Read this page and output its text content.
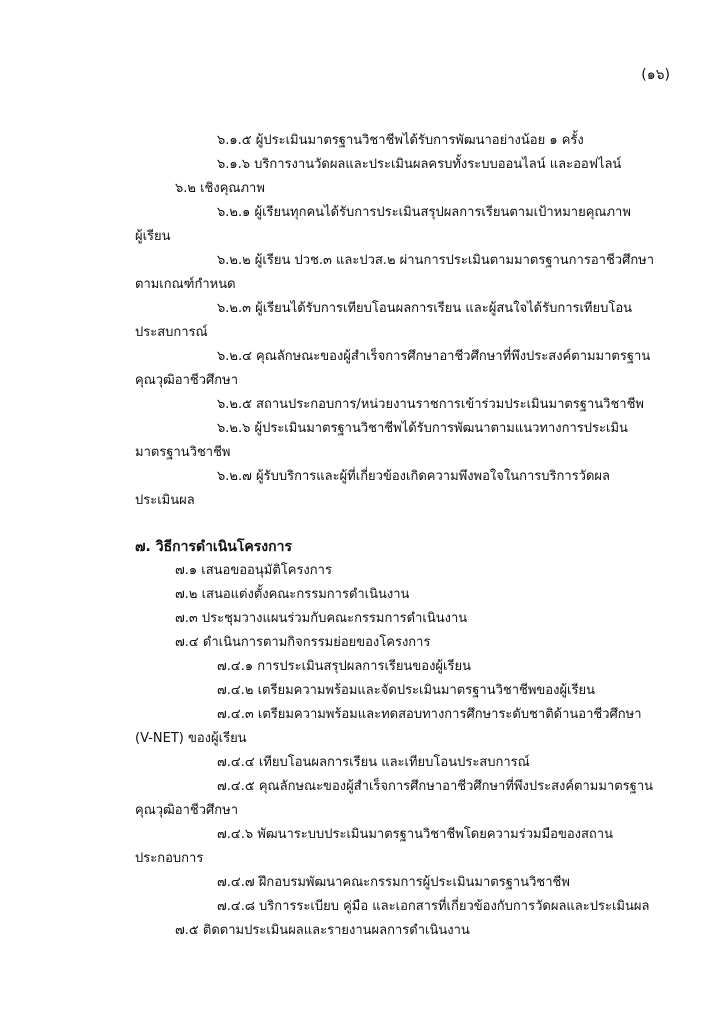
(๑๖)
๖.๑.๕ ผู้ประเมินมาตรฐานวิชาชีพได้รับการพัฒนาอย่างน้อย ๑ ครั้ง
๖.๑.๖ บริการงานวัดผลและประเมินผลครบทั้งระบบออนไลน์ และออฟไลน์
๖.๒ เชิงคุณภาพ
๖.๒.๑ ผู้เรียนทุกคนได้รับการประเมินสรุปผลการเรียนตามเป้าหมายคุณภาพ
ผู้เรียน
๖.๒.๒ ผู้เรียน ปวช.๓ และปวส.๒ ผ่านการประเมินตามมาตรฐานการอาชีวศึกษา
ตามเกณฑ์กำหนด
๖.๒.๓ ผู้เรียนได้รับการเทียบโอนผลการเรียน และผู้สนใจได้รับการเทียบโอน
ประสบการณ์
๖.๒.๔ คุณลักษณะของผู้สำเร็จการศึกษาอาชีวศึกษาที่พึงประสงค์ตามมาตรฐาน
คุณวุฒิอาชีวศึกษา
๖.๒.๕ สถานประกอบการ/หน่วยงานราชการเข้าร่วมประเมินมาตรฐานวิชาชีพ
๖.๒.๖ ผู้ประเมินมาตรฐานวิชาชีพได้รับการพัฒนาตามแนวทางการประเมิน
มาตรฐานวิชาชีพ
๖.๒.๗ ผู้รับบริการและผู้ที่เกี่ยวข้องเกิดความพึงพอใจในการบริการวัดผล
ประเมินผล
๗. วิธีการดำเนินโครงการ
๗.๑ เสนอขออนุมัติโครงการ
๗.๒ เสนอแต่งตั้งคณะกรรมการดำเนินงาน
๗.๓ ประชุมวางแผนร่วมกับคณะกรรมการดำเนินงาน
๗.๔ ดำเนินการตามกิจกรรมย่อยของโครงการ
๗.๔.๑ การประเมินสรุปผลการเรียนของผู้เรียน
๗.๔.๒ เตรียมความพร้อมและจัดประเมินมาตรฐานวิชาชีพของผู้เรียน
๗.๔.๓ เตรียมความพร้อมและทดสอบทางการศึกษาระดับชาติด้านอาชีวศึกษา
(V-NET) ของผู้เรียน
๗.๔.๔ เทียบโอนผลการเรียน และเทียบโอนประสบการณ์
๗.๔.๕ คุณลักษณะของผู้สำเร็จการศึกษาอาชีวศึกษาที่พึงประสงค์ตามมาตรฐาน
คุณวุฒิอาชีวศึกษา
๗.๔.๖ พัฒนาระบบประเมินมาตรฐานวิชาชีพโดยความร่วมมือของสถาน
ประกอบการ
๗.๔.๗ ฝึกอบรมพัฒนาคณะกรรมการผู้ประเมินมาตรฐานวิชาชีพ
๗.๔.๘ บริการระเบียบ คู่มือ และเอกสารที่เกี่ยวข้องกับการวัดผลและประเมินผล
๗.๕ ติดตามประเมินผลและรายงานผลการดำเนินงาน
